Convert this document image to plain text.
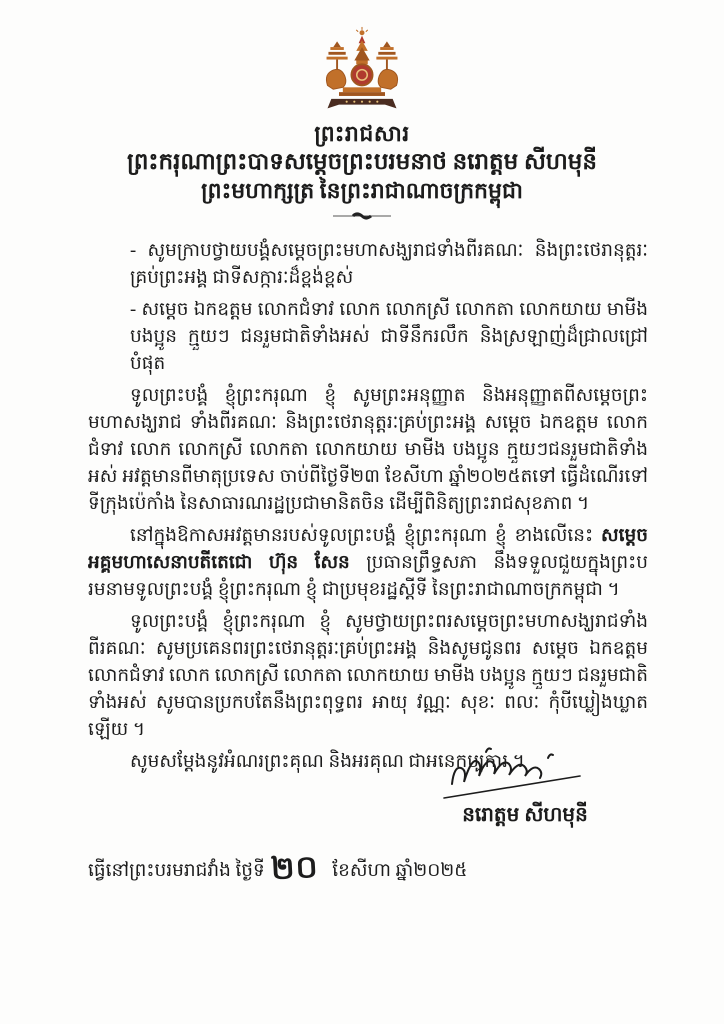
ព្រះរាជសារ
ព្រះករុណាព្រះបាទសម្តេចព្រះបរមនាថ នរោត្តម សីហមុនី
ព្រះមហាក្សត្រ នៃព្រះរាជាណាចក្រកម្ពុជា

- សូមក្រាបថ្វាយបង្គំសម្តេចព្រះមហាសង្ឃរាជទាំងពីរគណៈ និងព្រះថេរានុត្តរៈគ្រប់ព្រះអង្គ ជាទីសក្ការៈដ៏ខ្ពង់ខ្ពស់

- សម្តេច ឯកឧត្តម លោកជំទាវ លោក លោកស្រី លោកតា លោកយាយ មាមីង បងប្អូន ក្មួយៗ ជនរួមជាតិទាំងអស់ ជាទីនឹករលឹក និងស្រឡាញ់ដ៏ជ្រាលជ្រៅបំផុត

ទូលព្រះបង្គំ ខ្ញុំព្រះករុណា ខ្ញុំ សូមព្រះអនុញ្ញាត និងអនុញ្ញាតពីសម្តេចព្រះមហាសង្ឃរាជ ទាំងពីរគណៈ និងព្រះថេរានុត្តរៈគ្រប់ព្រះអង្គ សម្តេច ឯកឧត្តម លោកជំទាវ លោក លោកស្រី លោកតា លោកយាយ មាមីង បងប្អូន ក្មួយៗជនរួមជាតិទាំងអស់ អវត្តមានពីមាតុប្រទេស ចាប់ពីថ្ងៃទី២៣ ខែសីហា ឆ្នាំ២០២៥តទៅ ធ្វើដំណើរទៅទីក្រុងប៉េកាំង នៃសាធារណរដ្ឋប្រជាមានិតចិន ដើម្បីពិនិត្យព្រះរាជសុខភាព ។

នៅក្នុងឱកាសអវត្តមានរបស់ទូលព្រះបង្គំ ខ្ញុំព្រះករុណា ខ្ញុំ ខាងលើនេះ សម្តេចអគ្គមហាសេនាបតីតេជោ ហ៊ុន សែន ប្រធានព្រឹទ្ធសភា នឹងទទួលជួយក្នុងព្រះបរមនាមទូលព្រះបង្គំ ខ្ញុំព្រះករុណា ខ្ញុំ ជាប្រមុខរដ្ឋស្តីទី នៃព្រះរាជាណាចក្រកម្ពុជា ។

ទូលព្រះបង្គំ ខ្ញុំព្រះករុណា ខ្ញុំ សូមថ្វាយព្រះពរសម្តេចព្រះមហាសង្ឃរាជទាំងពីរគណៈ សូមប្រគេនពរព្រះថេរានុត្តរៈគ្រប់ព្រះអង្គ និងសូមជូនពរ សម្តេច ឯកឧត្តម លោកជំទាវ លោក លោកស្រី លោកតា លោកយាយ មាមីង បងប្អូន ក្មួយៗ ជនរួមជាតិទាំងអស់ សូមបានប្រកបតែនឹងព្រះពុទ្ធពរ អាយុ វណ្ណៈ សុខៈ ពលៈ កុំបីឃ្លៀងឃ្លាតឡើយ ។

សូមសម្តែងនូវអំណរព្រះគុណ និងអរគុណ ជាអនេកប្បការ ។

នរោត្តម សីហមុនី
ធ្វើនៅព្រះបរមរាជវាំង ថ្ងៃទី ២០ ខែសីហា ឆ្នាំ២០២៥
